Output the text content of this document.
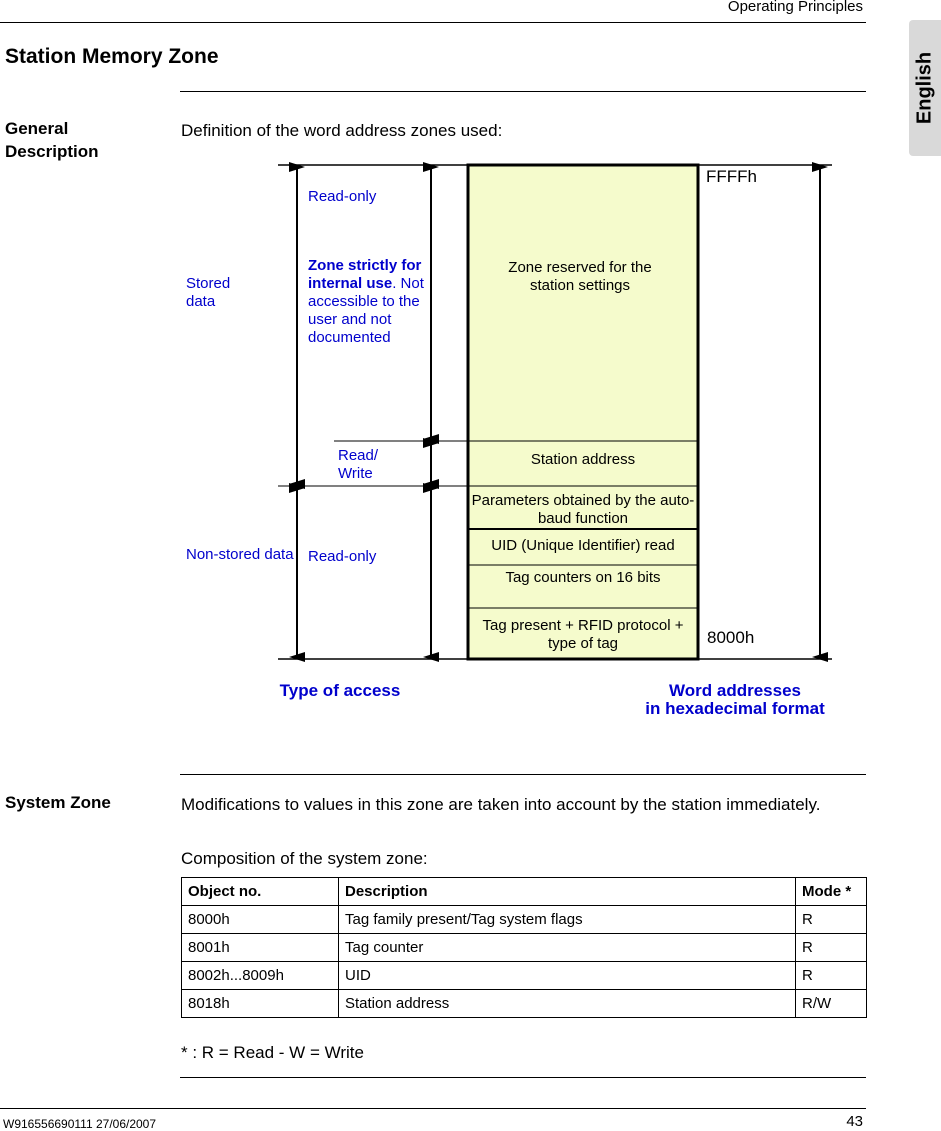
Operating Principles
English
Station Memory Zone
General Description
Definition of the word address zones used:
Stored data
Non-stored data
Read-only
Zone strictly for internal use. Not accessible to the user and not documented
Read/ Write
Read-only
Zone reserved for the station settings
Station address
Parameters obtained by the auto-baud function
UID (Unique Identifier) read
Tag counters on 16 bits
Tag present + RFID protocol + type of tag
FFFFh
8000h
Type of access	Word addresses
in hexadecimal format
System Zone	Modifications to values in this zone are taken into account by the station immediately.
Composition of the system zone:
Object no.	Description	Mode *
8000h	Tag family present/Tag system flags	R
8001h	Tag counter	R
8002h...8009h	UID	R
8018h	Station address	R/W
* : R = Read - W = Write
W916556690111 27/06/2007	43
